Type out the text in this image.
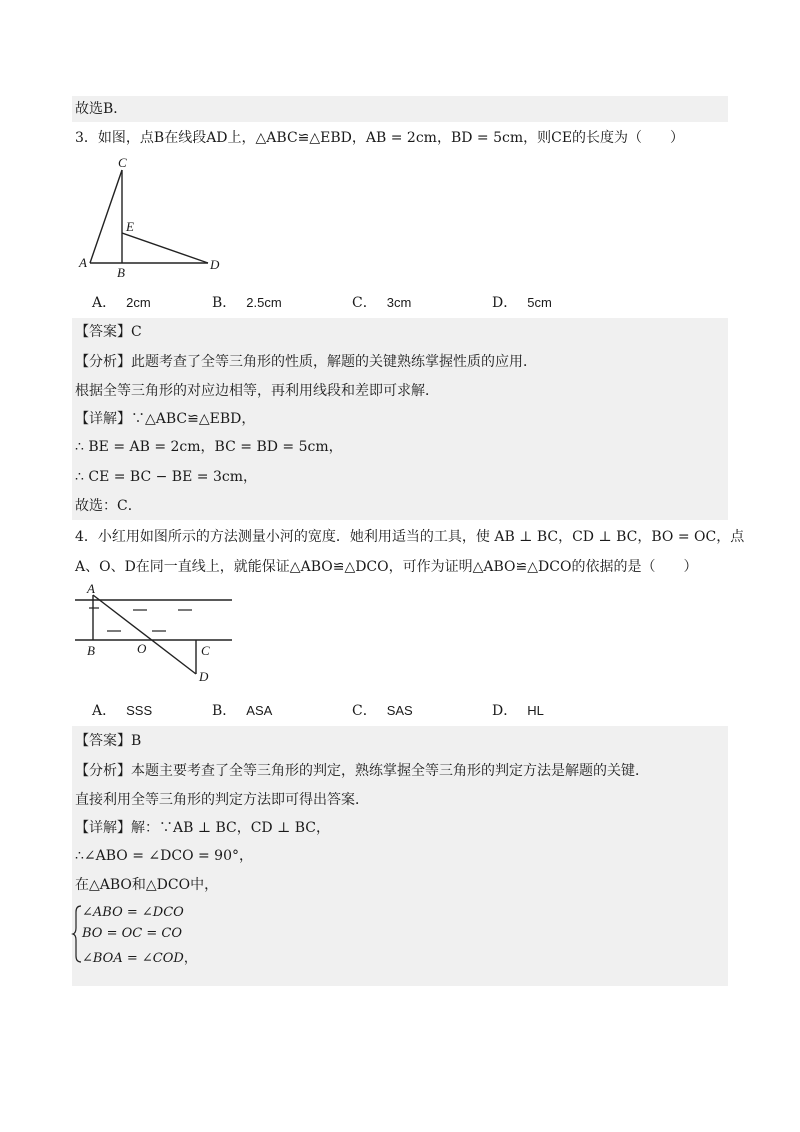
故选B．
3．如图，点B在线段AD上，△ABC≌△EBD，AB = 2cm，BD = 5cm，则CE的长度为（　　）
C
E
A
B
D
A． 2cm	B． 2.5cm	C． 3cm	D． 5cm
【答案】C
【分析】此题考查了全等三角形的性质，解题的关键熟练掌握性质的应用．
根据全等三角形的对应边相等，再利用线段和差即可求解．
【详解】∵△ABC≌△EBD，
∴ BE = AB = 2cm，BC = BD = 5cm，
∴ CE = BC − BE = 3cm，
故选：C．
4．小红用如图所示的方法测量小河的宽度．她利用适当的工具，使 AB ⊥ BC，CD ⊥ BC，BO = OC，点
A、O、D在同一直线上，就能保证△ABO≌△DCO，可作为证明△ABO≌△DCO的依据的是（　　）
A
B	O	C
D
A． SSS	B． ASA	C． SAS	D． HL
【答案】B
【分析】本题主要考查了全等三角形的判定，熟练掌握全等三角形的判定方法是解题的关键．
直接利用全等三角形的判定方法即可得出答案．
【详解】解：∵AB ⊥ BC，CD ⊥ BC，
∴∠ABO = ∠DCO = 90°，
在△ABO和△DCO中，
∠ABO = ∠DCO
BO = OC = CO
∠BOA = ∠COD，
